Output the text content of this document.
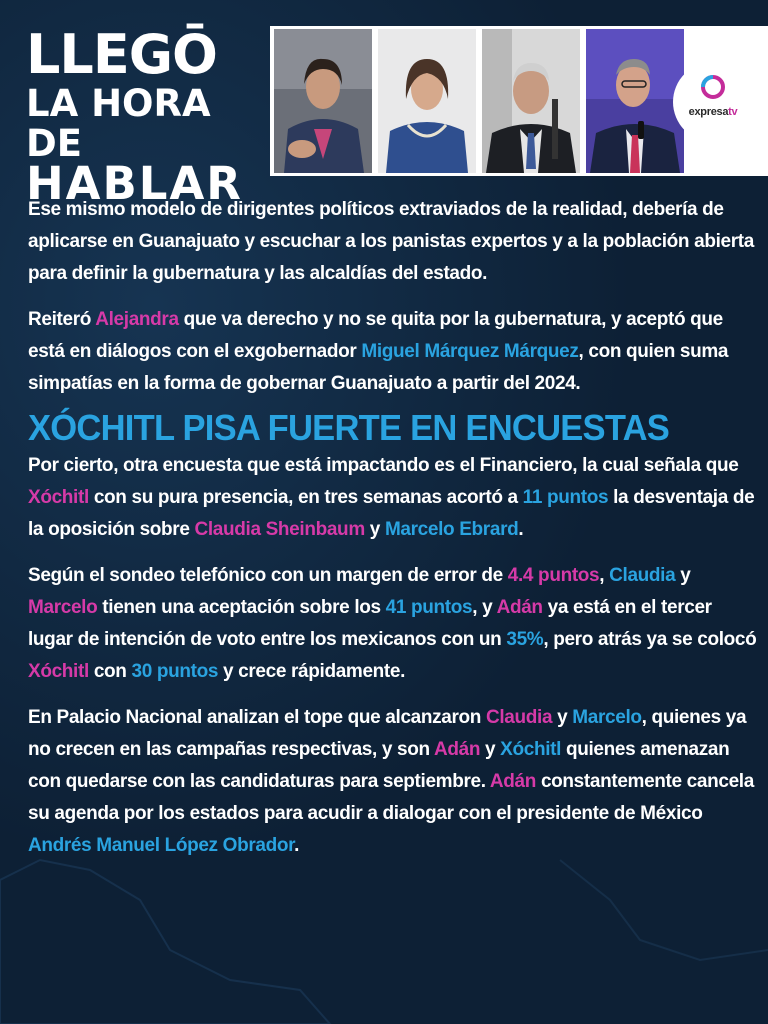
LLEGŌ
LA HORA DE
HABLAR
expresatv

Ese mismo modelo de dirigentes políticos extraviados de la realidad, debería de aplicarse en Guanajuato y escuchar a los panistas expertos y a la población abierta para definir la gubernatura y las alcaldías del estado.

Reiteró Alejandra que va derecho y no se quita por la gubernatura, y aceptó que está en diálogos con el exgobernador Miguel Márquez Márquez, con quien suma simpatías en la forma de gobernar Guanajuato a partir del 2024.

XÓCHITL PISA FUERTE EN ENCUESTAS

Por cierto, otra encuesta que está impactando es el Financiero, la cual señala que Xóchitl con su pura presencia, en tres semanas acortó a 11 puntos la desventaja de la oposición sobre Claudia Sheinbaum y Marcelo Ebrard.

Según el sondeo telefónico con un margen de error de 4.4 puntos, Claudia y Marcelo tienen una aceptación sobre los 41 puntos, y Adán ya está en el tercer lugar de intención de voto entre los mexicanos con un 35%, pero atrás ya se colocó Xóchitl con 30 puntos y crece rápidamente.

En Palacio Nacional analizan el tope que alcanzaron Claudia y Marcelo, quienes ya no crecen en las campañas respectivas, y son Adán y Xóchitl quienes amenazan con quedarse con las candidaturas para septiembre. Adán constantemente cancela su agenda por los estados para acudir a dialogar con el presidente de México Andrés Manuel López Obrador.
